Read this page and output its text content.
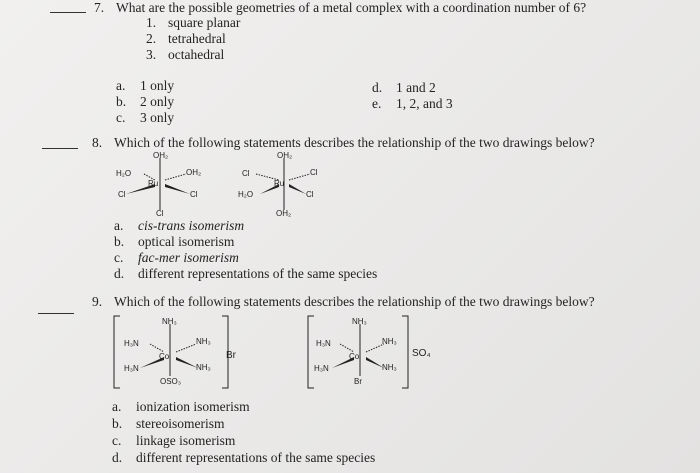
7. What are the possible geometries of a metal complex with a coordination number of 6?
1. square planar
2. tetrahedral
3. octahedral
a. 1 only
b. 2 only
c. 3 only
d. 1 and 2
e. 1, 2, and 3
8. Which of the following statements describes the relationship of the two drawings below?
OH₂
H₂O	OH₂
Ru
Cl	Cl
Cl
OH₂
Cl	Cl
Ru
H₂O	Cl
OH₂
a. cis-trans isomerism
b. optical isomerism
c. fac-mer isomerism
d. different representations of the same species
9. Which of the following statements describes the relationship of the two drawings below?
NH₃
H₃N	NH₃
Co
H₃N	NH₃
OSO₃
Br
NH₃
H₃N	NH₃
Co
H₃N	NH₃
Br
SO₄
a. ionization isomerism
b. stereoisomerism
c. linkage isomerism
d. different representations of the same species
